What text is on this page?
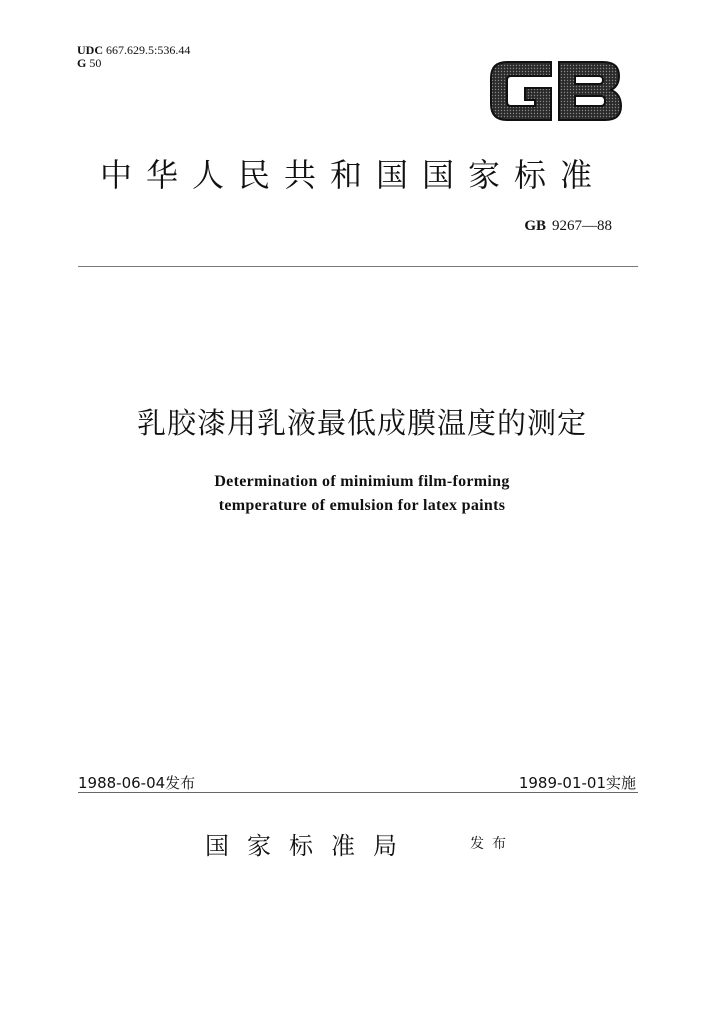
UDC 667.629.5:536.44
G 50
中华人民共和国国家标准
GB 9267—88
乳胶漆用乳液最低成膜温度的测定
Determination of minimium film-forming
temperature of emulsion for latex paints
1988-06-04发布	1989-01-01实施
国家标准局	发布
